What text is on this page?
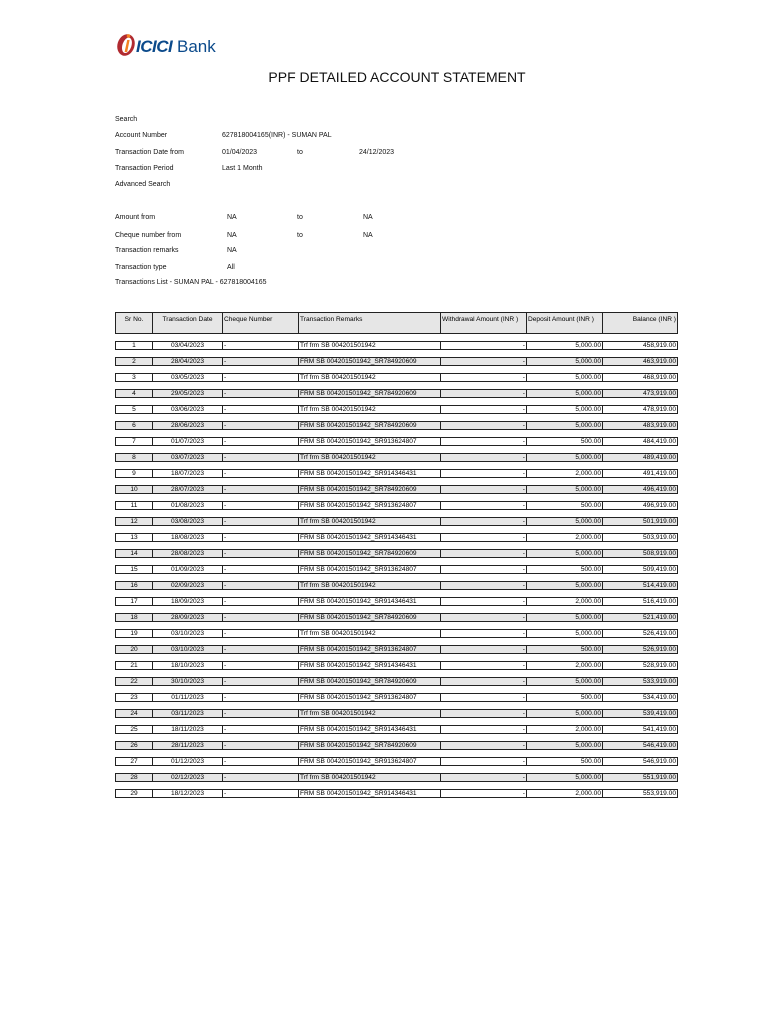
ICICI Bank
PPF DETAILED ACCOUNT STATEMENT
Search
Account Number	627818004165(INR) - SUMAN PAL
Transaction Date from	01/04/2023	to	24/12/2023
Transaction Period	Last 1 Month
Advanced Search
Amount from	NA	to	NA
Cheque number from	NA	to	NA
Transaction remarks	NA
Transaction type	All
Transactions List - SUMAN PAL - 627818004165
Sr No.	Transaction Date	Cheque Number	Transaction Remarks	Withdrawal Amount (INR )	Deposit Amount (INR )	Balance (INR )

1	03/04/2023	-	Trf frm SB 004201501942	-	5,000.00	458,919.00

2	28/04/2023	-	FRM SB 004201501942_SR784920609	-	5,000.00	463,919.00

3	03/05/2023	-	Trf frm SB 004201501942	-	5,000.00	468,919.00

4	29/05/2023	-	FRM SB 004201501942_SR784920609	-	5,000.00	473,919.00

5	03/06/2023	-	Trf frm SB 004201501942	-	5,000.00	478,919.00

6	28/06/2023	-	FRM SB 004201501942_SR784920609	-	5,000.00	483,919.00

7	01/07/2023	-	FRM SB 004201501942_SR913624807	-	500.00	484,419.00

8	03/07/2023	-	Trf frm SB 004201501942	-	5,000.00	489,419.00

9	18/07/2023	-	FRM SB 004201501942_SR914346431	-	2,000.00	491,419.00

10	28/07/2023	-	FRM SB 004201501942_SR784920609	-	5,000.00	496,419.00

11	01/08/2023	-	FRM SB 004201501942_SR913624807	-	500.00	496,919.00

12	03/08/2023	-	Trf frm SB 004201501942	-	5,000.00	501,919.00

13	18/08/2023	-	FRM SB 004201501942_SR914346431	-	2,000.00	503,919.00

14	28/08/2023	-	FRM SB 004201501942_SR784920609	-	5,000.00	508,919.00

15	01/09/2023	-	FRM SB 004201501942_SR913624807	-	500.00	509,419.00

16	02/09/2023	-	Trf frm SB 004201501942	-	5,000.00	514,419.00

17	18/09/2023	-	FRM SB 004201501942_SR914346431	-	2,000.00	516,419.00

18	28/09/2023	-	FRM SB 004201501942_SR784920609	-	5,000.00	521,419.00

19	03/10/2023	-	Trf frm SB 004201501942	-	5,000.00	526,419.00

20	03/10/2023	-	FRM SB 004201501942_SR913624807	-	500.00	526,919.00

21	18/10/2023	-	FRM SB 004201501942_SR914346431	-	2,000.00	528,919.00

22	30/10/2023	-	FRM SB 004201501942_SR784920609	-	5,000.00	533,919.00

23	01/11/2023	-	FRM SB 004201501942_SR913624807	-	500.00	534,419.00

24	03/11/2023	-	Trf frm SB 004201501942	-	5,000.00	539,419.00

25	18/11/2023	-	FRM SB 004201501942_SR914346431	-	2,000.00	541,419.00

26	28/11/2023	-	FRM SB 004201501942_SR784920609	-	5,000.00	546,419.00

27	01/12/2023	-	FRM SB 004201501942_SR913624807	-	500.00	546,919.00

28	02/12/2023	-	Trf frm SB 004201501942	-	5,000.00	551,919.00

29	18/12/2023	-	FRM SB 004201501942_SR914346431	-	2,000.00	553,919.00
